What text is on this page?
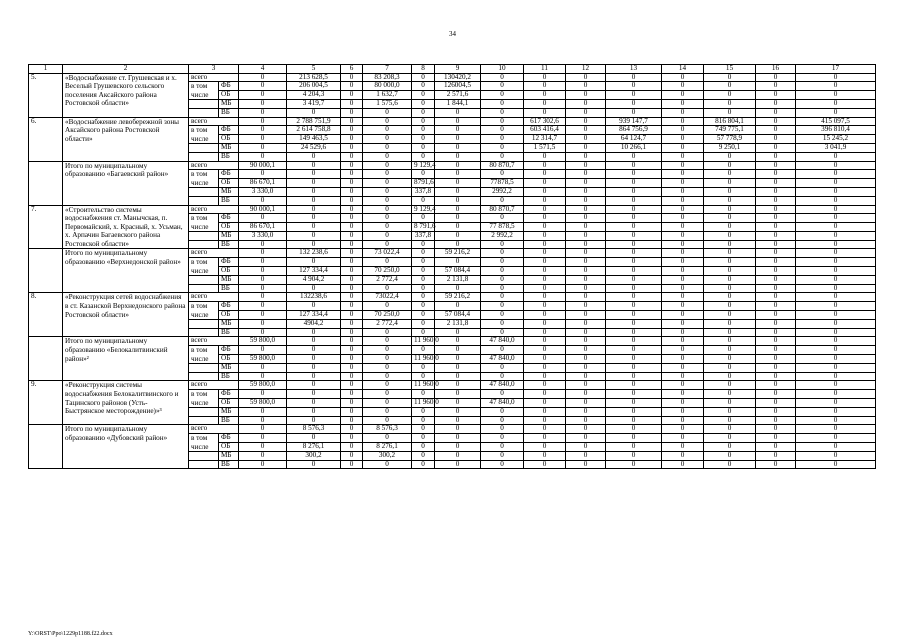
34
1	2	3		4	5	6	7	8	9	10	11	12	13	14	15	16	17
5.	«Водоснабжение ст. Грушевская и х. Веселый Грушевского сельского поселения Аксайского района Ростовской области»	всего		0	213 628,5	0	83 208,3	0	130420,2	0	0	0	0	0	0	0	0
		в том числе	ФБ	0	206 004,5	0	80 000,0	0	126004,5	0	0	0	0	0	0	0	0
			ОБ	0	4 204,3	0	1 632,7	0	2 571,6	0	0	0	0	0	0	0	0
			МБ	0	3 419,7	0	1 575,6	0	1 844,1	0	0	0	0	0	0	0	0
			ВБ	0	0	0	0	0	0	0	0	0	0	0	0	0	0
6.	«Водоснабжение левобережной зоны Аксайского района Ростовской области»	всего		0	2 788 751,9	0	0	0	0	0	617 302,6	0	939 147,7	0	816 804,1	0	415 097,5
		в том числе	ФБ	0	2 614 758,8	0	0	0	0	0	603 416,4	0	864 756,9	0	749 775,1	0	396 810,4
			ОБ	0	149 463,5	0	0	0	0	0	12 314,7	0	64 124,7	0	57 778,9	0	15 245,2
			МБ	0	24 529,6	0	0	0	0	0	1 571,5	0	10 266,1	0	9 250,1	0	3 041,9
			ВБ	0	0	0	0	0	0	0	0	0	0	0	0	0	0
	Итого по муниципальному образованию «Багаевский район»	всего		90 000,1	0	0	0	9 129,4	0	80 870,7	0	0	0	0	0	0	0
		в том числе	ФБ	0	0	0	0	0	0	0	0	0	0	0	0	0	0
			ОБ	86 670,1	0	0	0	8791,6	0	77878,5	0	0	0	0	0	0	0
			МБ	3 330,0	0	0	0	337,8	0	2992,2	0	0	0	0	0	0	0
			ВБ	0	0	0	0	0	0	0	0	0	0	0	0	0	0
7.	«Строительство системы водоснабжения ст. Манычская, п. Первомайский, х. Красный, х. Усьман, х. Арпачин Багаевского района Ростовской области»	всего		90 000,1	0	0	0	9 129,4	0	80 870,7	0	0	0	0	0	0	0
		в том числе	ФБ	0	0	0	0	0	0	0	0	0	0	0	0	0	0
			ОБ	86 670,1	0	0	0	8 791,6	0	77 878,5	0	0	0	0	0	0	0
			МБ	3 330,0	0	0	0	337,8	0	2 992,2	0	0	0	0	0	0	0
			ВБ	0	0	0	0	0	0	0	0	0	0	0	0	0	0
	Итого по муниципальному образованию «Верхнедонской район»	всего		0	132 238,6	0	73 022,4	0	59 216,2	0	0	0	0	0	0	0	0
		в том числе	ФБ	0	0	0	0	0	0	0	0	0	0	0	0	0	0
			ОБ	0	127 334,4	0	70 250,0	0	57 084,4	0	0	0	0	0	0	0	0
			МБ	0	4 904,2	0	2 772,4	0	2 131,8	0	0	0	0	0	0	0	0
			ВБ	0	0	0	0	0	0	0	0	0	0	0	0	0	0
8.	«Реконструкция сетей водоснабжения в ст. Казанской Верхнедонского района Ростовской области»	всего		0	132238,6	0	73022,4	0	59 216,2	0	0	0	0	0	0	0	0
		в том числе	ФБ	0	0	0	0	0	0	0	0	0	0	0	0	0	0
			ОБ	0	127 334,4	0	70 250,0	0	57 084,4	0	0	0	0	0	0	0	0
			МБ	0	4904,2	0	2 772,4	0	2 131,8	0	0	0	0	0	0	0	0
			ВБ	0	0	0	0	0	0	0	0	0	0	0	0	0	0
	Итого по муниципальному образованию «Белокалитвинский район»²	всего		59 800,0	0	0	0	11 960,0	0	47 840,0	0	0	0	0	0	0	0
		в том числе	ФБ	0	0	0	0	0	0	0	0	0	0	0	0	0	0
			ОБ	59 800,0	0	0	0	11 960,0	0	47 840,0	0	0	0	0	0	0	0
			МБ	0	0	0	0	0	0	0	0	0	0	0	0	0	0
			ВБ	0	0	0	0	0	0	0	0	0	0	0	0	0	0
9.	«Реконструкция системы водоснабжения Белокалитвинского и Тацинского районов (Усть-Быстрянское месторождение)»³	всего		59 800,0	0	0	0	11 960,0	0	47 840,0	0	0	0	0	0	0	0
		в том числе	ФБ	0	0	0	0	0	0	0	0	0	0	0	0	0	0
			ОБ	59 800,0	0	0	0	11 960,0	0	47 840,0	0	0	0	0	0	0	0
			МБ	0	0	0	0	0	0	0	0	0	0	0	0	0	0
			ВБ	0	0	0	0	0	0	0	0	0	0	0	0	0	0
	Итого по муниципальному образованию «Дубовский район»	всего		0	8 576,3	0	8 576,3	0	0	0	0	0	0	0	0	0	0
		в том числе	ФБ	0	0	0	0	0	0	0	0	0	0	0	0	0	0
			ОБ	0	8 276,1	0	8 276,1	0	0	0	0	0	0	0	0	0	0
			МБ	0	300,2	0	300,2	0	0	0	0	0	0	0	0	0	0
			ВБ	0	0	0	0	0	0	0	0	0	0	0	0	0	0
Y:\ORST\Ppo\1229p1188.f22.docx
